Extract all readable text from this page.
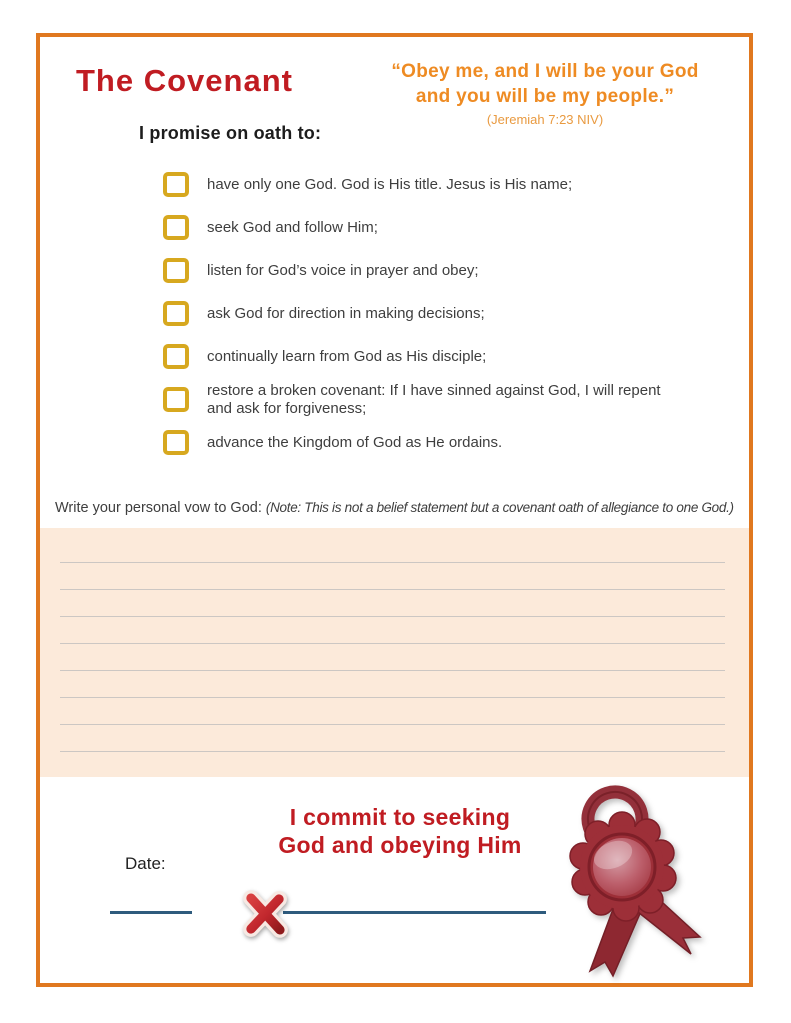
The Covenant	“Obey me, and I will be your God
and you will be my people.”
(Jeremiah 7:23 NIV)
I promise on oath to:
have only one God. God is His title. Jesus is His name;
seek God and follow Him;
listen for God’s voice in prayer and obey;
ask God for direction in making decisions;
continually learn from God as His disciple;
restore a broken covenant: If I have sinned against God, I will repent and ask for forgiveness;
advance the Kingdom of God as He ordains.
Write your personal vow to God: (Note: This is not a belief statement but a covenant oath of allegiance to one God.)
I commit to seeking
God and obeying Him
Date:
